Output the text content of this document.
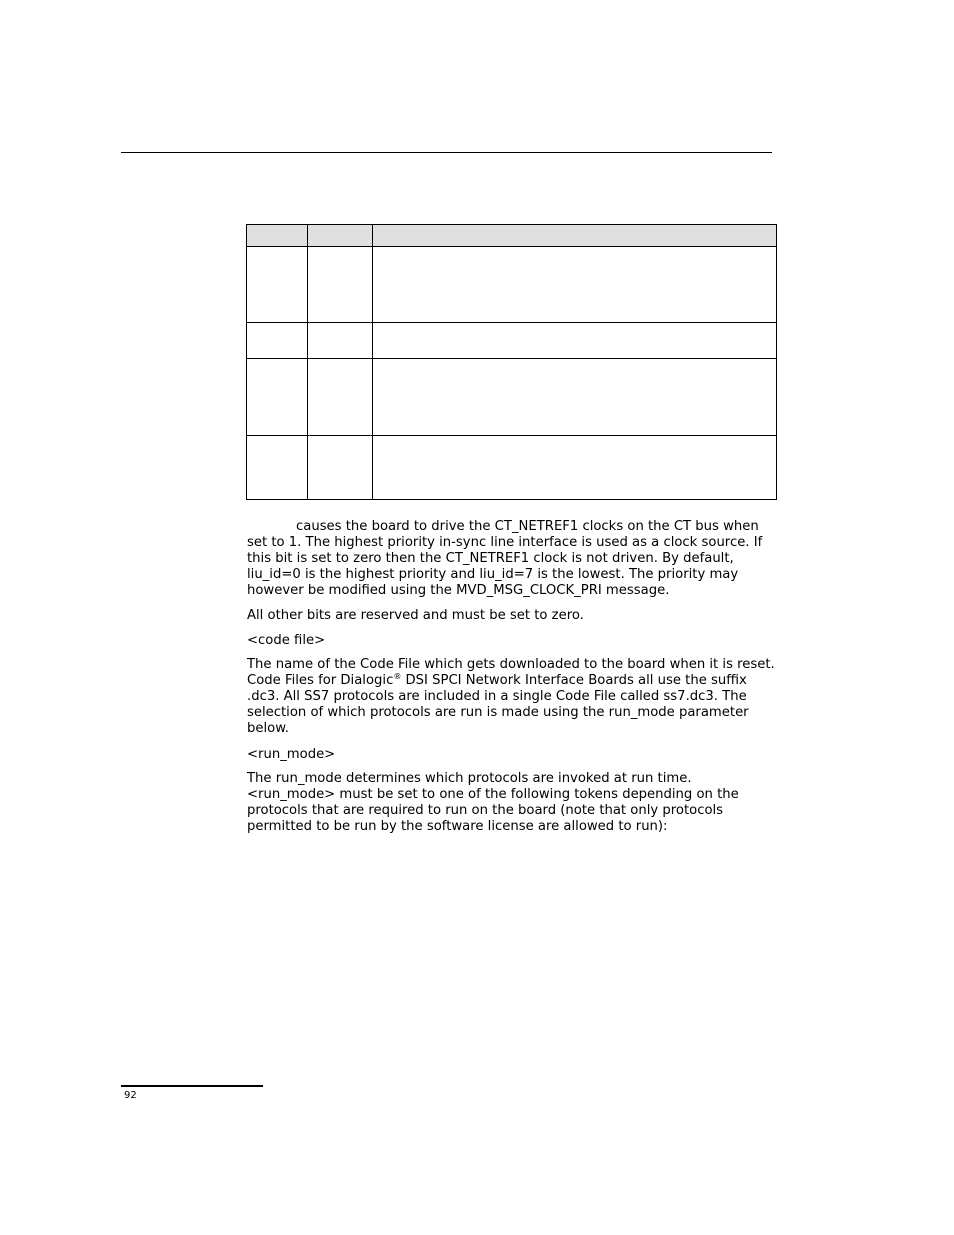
causes the board to drive the CT_NETREF1 clocks on the CT bus when set to 1. The highest priority in-sync line interface is used as a clock source. If this bit is set to zero then the CT_NETREF1 clock is not driven. By default, liu_id=0 is the highest priority and liu_id=7 is the lowest. The priority may however be modified using the MVD_MSG_CLOCK_PRI message.

All other bits are reserved and must be set to zero.

<code file>

The name of the Code File which gets downloaded to the board when it is reset. Code Files for Dialogic® DSI SPCI Network Interface Boards all use the suffix .dc3. All SS7 protocols are included in a single Code File called ss7.dc3. The selection of which protocols are run is made using the run_mode parameter below.

<run_mode>

The run_mode determines which protocols are invoked at run time. <run_mode> must be set to one of the following tokens depending on the protocols that are required to run on the board (note that only protocols permitted to be run by the software license are allowed to run):

92
